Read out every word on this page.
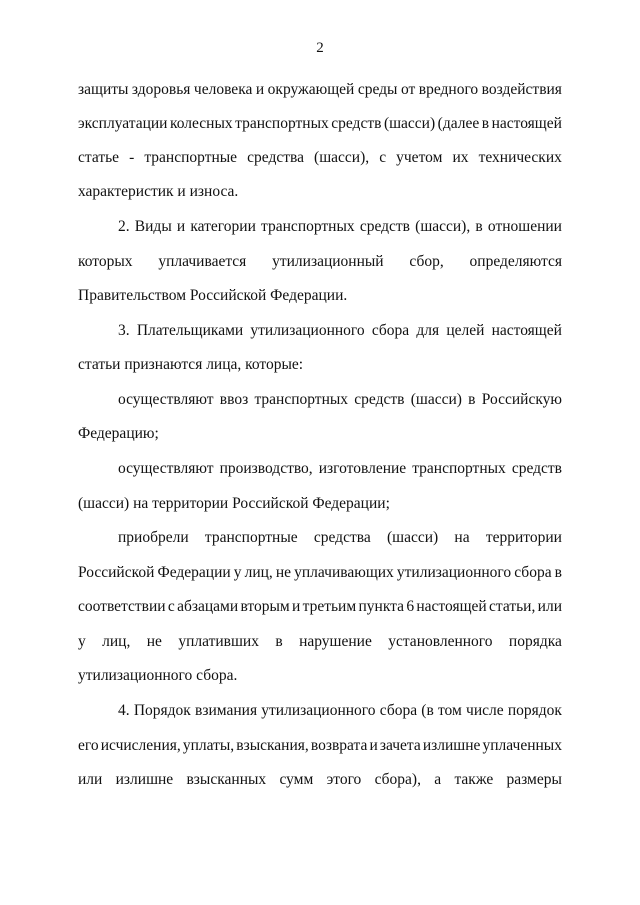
2
защиты здоровья человека и окружающей среды от вредного воздействия
эксплуатации колесных транспортных средств (шасси) (далее в настоящей
статье - транспортные средства (шасси), с учетом их технических
характеристик и износа.
2. Виды и категории транспортных средств (шасси), в отношении
которых уплачивается утилизационный сбор, определяются
Правительством Российской Федерации.
3. Плательщиками утилизационного сбора для целей настоящей
статьи признаются лица, которые:
осуществляют ввоз транспортных средств (шасси) в Российскую
Федерацию;
осуществляют производство, изготовление транспортных средств
(шасси) на территории Российской Федерации;
приобрели транспортные средства (шасси) на территории
Российской Федерации у лиц, не уплачивающих утилизационного сбора в
соответствии с абзацами вторым и третьим пункта 6 настоящей статьи, или
у лиц, не уплативших в нарушение установленного порядка
утилизационного сбора.
4. Порядок взимания утилизационного сбора (в том числе порядок
его исчисления, уплаты, взыскания, возврата и зачета излишне уплаченных
или излишне взысканных сумм этого сбора), а также размеры
